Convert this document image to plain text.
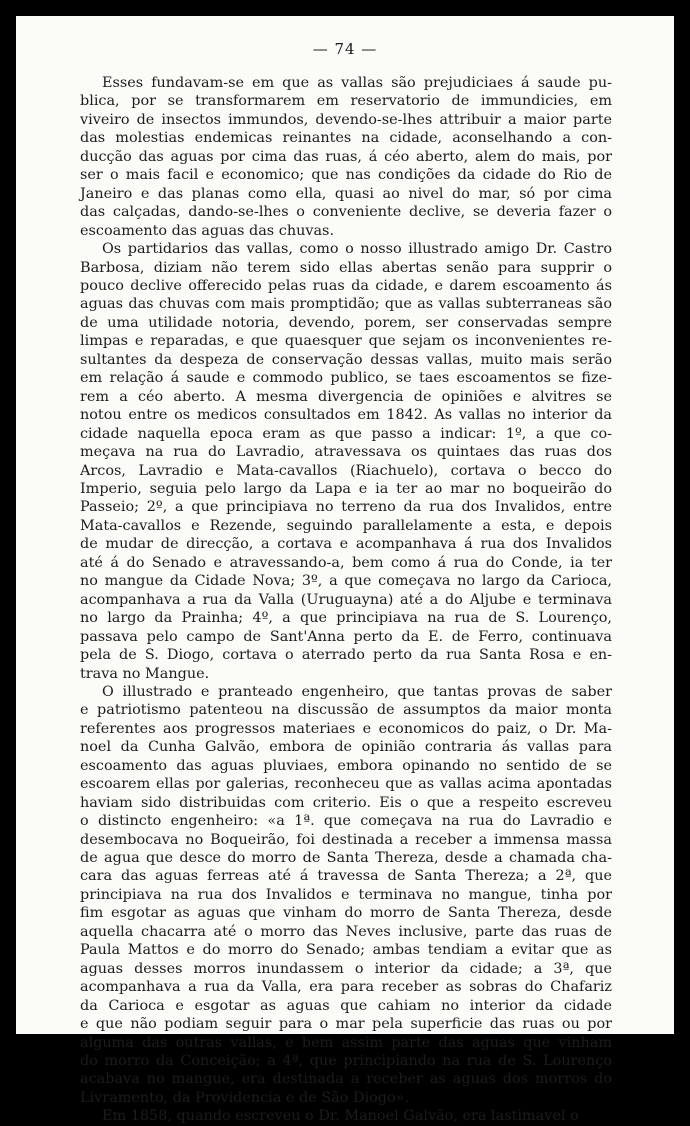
— 74 —
Esses fundavam-se em que as vallas são prejudiciaes á saude pu-
blica, por se transformarem em reservatorio de immundicies, em
viveiro de insectos immundos, devendo-se-lhes attribuir a maior parte
das molestias endemicas reinantes na cidade, aconselhando a con-
ducção das aguas por cima das ruas, á céo aberto, alem do mais, por
ser o mais facil e economico; que nas condições da cidade do Rio de
Janeiro e das planas como ella, quasi ao nivel do mar, só por cima
das calçadas, dando-se-lhes o conveniente declive, se deveria fazer o
escoamento das aguas das chuvas.
Os partidarios das vallas, como o nosso illustrado amigo Dr. Castro
Barbosa, diziam não terem sido ellas abertas senão para supprir o
pouco declive offerecido pelas ruas da cidade, e darem escoamento ás
aguas das chuvas com mais promptidão; que as vallas subterraneas são
de uma utilidade notoria, devendo, porem, ser conservadas sempre
limpas e reparadas, e que quaesquer que sejam os inconvenientes re-
sultantes da despeza de conservação dessas vallas, muito mais serão
em relação á saude e commodo publico, se taes escoamentos se fize-
rem a céo aberto. A mesma divergencia de opiniões e alvitres se
notou entre os medicos consultados em 1842. As vallas no interior da
cidade naquella epoca eram as que passo a indicar: 1º, a que co-
meçava na rua do Lavradio, atravessava os quintaes das ruas dos
Arcos, Lavradio e Mata-cavallos (Riachuelo), cortava o becco do
Imperio, seguia pelo largo da Lapa e ia ter ao mar no boqueirão do
Passeio; 2º, a que principiava no terreno da rua dos Invalidos, entre
Mata-cavallos e Rezende, seguindo parallelamente a esta, e depois
de mudar de direcção, a cortava e acompanhava á rua dos Invalidos
até á do Senado e atravessando-a, bem como á rua do Conde, ia ter
no mangue da Cidade Nova; 3º, a que começava no largo da Carioca,
acompanhava a rua da Valla (Uruguayna) até a do Aljube e terminava
no largo da Prainha; 4º, a que principiava na rua de S. Lourenço,
passava pelo campo de Sant'Anna perto da E. de Ferro, continuava
pela de S. Diogo, cortava o aterrado perto da rua Santa Rosa e en-
trava no Mangue.
O illustrado e pranteado engenheiro, que tantas provas de saber
e patriotismo patenteou na discussão de assumptos da maior monta
referentes aos progressos materiaes e economicos do paiz, o Dr. Ma-
noel da Cunha Galvão, embora de opinião contraria ás vallas para
escoamento das aguas pluviaes, embora opinando no sentido de se
escoarem ellas por galerias, reconheceu que as vallas acima apontadas
haviam sido distribuidas com criterio. Eis o que a respeito escreveu
o distincto engenheiro: «a 1ª. que começava na rua do Lavradio e
desembocava no Boqueirão, foi destinada a receber a immensa massa
de agua que desce do morro de Santa Thereza, desde a chamada cha-
cara das aguas ferreas até á travessa de Santa Thereza; a 2ª, que
principiava na rua dos Invalidos e terminava no mangue, tinha por
fim esgotar as aguas que vinham do morro de Santa Thereza, desde
aquella chacarra até o morro das Neves inclusive, parte das ruas de
Paula Mattos e do morro do Senado; ambas tendiam a evitar que as
aguas desses morros inundassem o interior da cidade; a 3ª, que
acompanhava a rua da Valla, era para receber as sobras do Chafariz
da Carioca e esgotar as aguas que cahiam no interior da cidade
e que não podiam seguir para o mar pela superficie das ruas ou por
alguma das outras vallas, e bem assim parte das aguas que vinham
do morro da Conceição; a 4ª, que principiando na rua de S. Lourenço
acabava no mangue, era destinada a receber as aguas dos morros do
Livramento, da Providencia e de São Diogo».
Em 1858, quando escreveu o Dr. Manoel Galvão, era lastimavel o
